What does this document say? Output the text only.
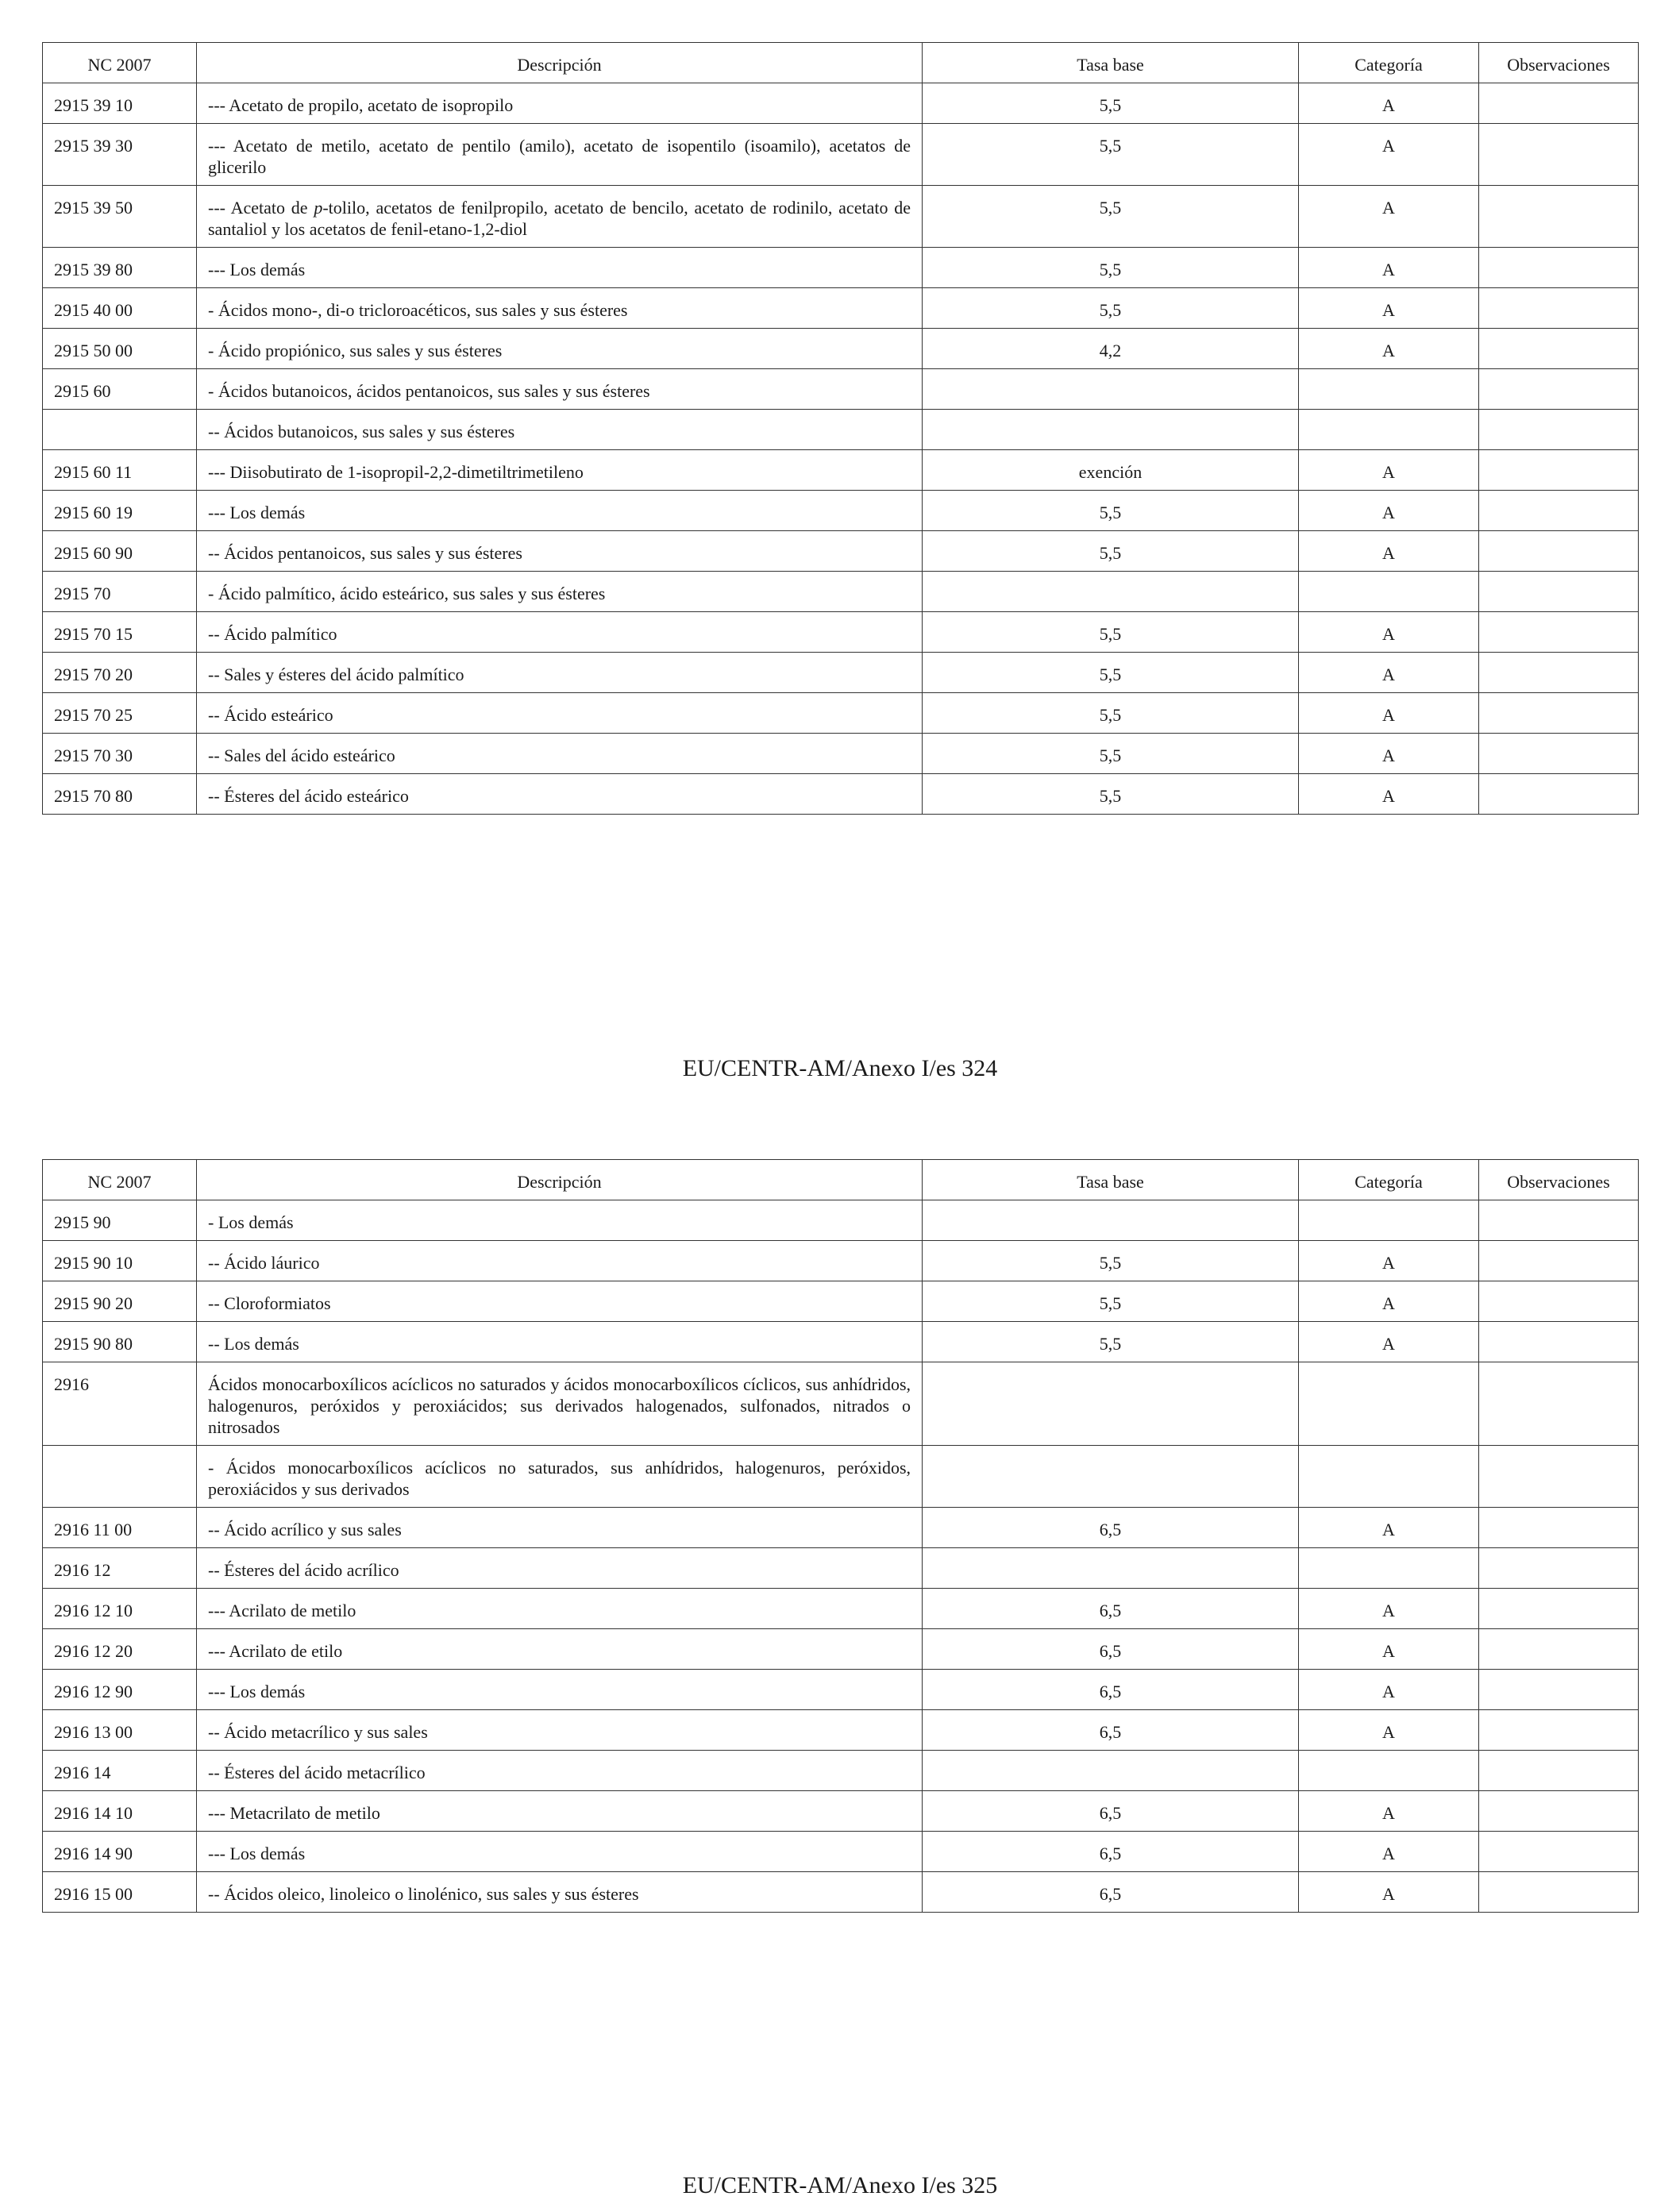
NC 2007	Descripción	Tasa base	Categoría	Observaciones
2915 39 10	--- Acetato de propilo, acetato de isopropilo	5,5	A	
2915 39 30	--- Acetato de metilo, acetato de pentilo (amilo), acetato de isopentilo (isoamilo), acetatos de glicerilo	5,5	A	
2915 39 50	--- Acetato de p-tolilo, acetatos de fenilpropilo, acetato de bencilo, acetato de rodinilo, acetato de santaliol y los acetatos de fenil-etano-1,2-diol	5,5	A	
2915 39 80	--- Los demás	5,5	A	
2915 40 00	- Ácidos mono-, di-o tricloroacéticos, sus sales y sus ésteres	5,5	A	
2915 50 00	- Ácido propiónico, sus sales y sus ésteres	4,2	A	
2915 60	- Ácidos butanoicos, ácidos pentanoicos, sus sales y sus ésteres			
	-- Ácidos butanoicos, sus sales y sus ésteres			
2915 60 11	--- Diisobutirato de 1-isopropil-2,2-dimetiltrimetileno	exención	A	
2915 60 19	--- Los demás	5,5	A	
2915 60 90	-- Ácidos pentanoicos, sus sales y sus ésteres	5,5	A	
2915 70	- Ácido palmítico, ácido esteárico, sus sales y sus ésteres			
2915 70 15	-- Ácido palmítico	5,5	A	
2915 70 20	-- Sales y ésteres del ácido palmítico	5,5	A	
2915 70 25	-- Ácido esteárico	5,5	A	
2915 70 30	-- Sales del ácido esteárico	5,5	A	
2915 70 80	-- Ésteres del ácido esteárico	5,5	A	
EU/CENTR-AM/Anexo I/es 324
NC 2007	Descripción	Tasa base	Categoría	Observaciones
2915 90	- Los demás			
2915 90 10	-- Ácido láurico	5,5	A	
2915 90 20	-- Cloroformiatos	5,5	A	
2915 90 80	-- Los demás	5,5	A	
2916	Ácidos monocarboxílicos acíclicos no saturados y ácidos monocarboxílicos cíclicos, sus anhídridos, halogenuros, peróxidos y peroxiácidos; sus derivados halogenados, sulfonados, nitrados o nitrosados			
	- Ácidos monocarboxílicos acíclicos no saturados, sus anhídridos, halogenuros, peróxidos, peroxiácidos y sus derivados			
2916 11 00	-- Ácido acrílico y sus sales	6,5	A	
2916 12	-- Ésteres del ácido acrílico			
2916 12 10	--- Acrilato de metilo	6,5	A	
2916 12 20	--- Acrilato de etilo	6,5	A	
2916 12 90	--- Los demás	6,5	A	
2916 13 00	-- Ácido metacrílico y sus sales	6,5	A	
2916 14	-- Ésteres del ácido metacrílico			
2916 14 10	--- Metacrilato de metilo	6,5	A	
2916 14 90	--- Los demás	6,5	A	
2916 15 00	-- Ácidos oleico, linoleico o linolénico, sus sales y sus ésteres	6,5	A	
EU/CENTR-AM/Anexo I/es 325
